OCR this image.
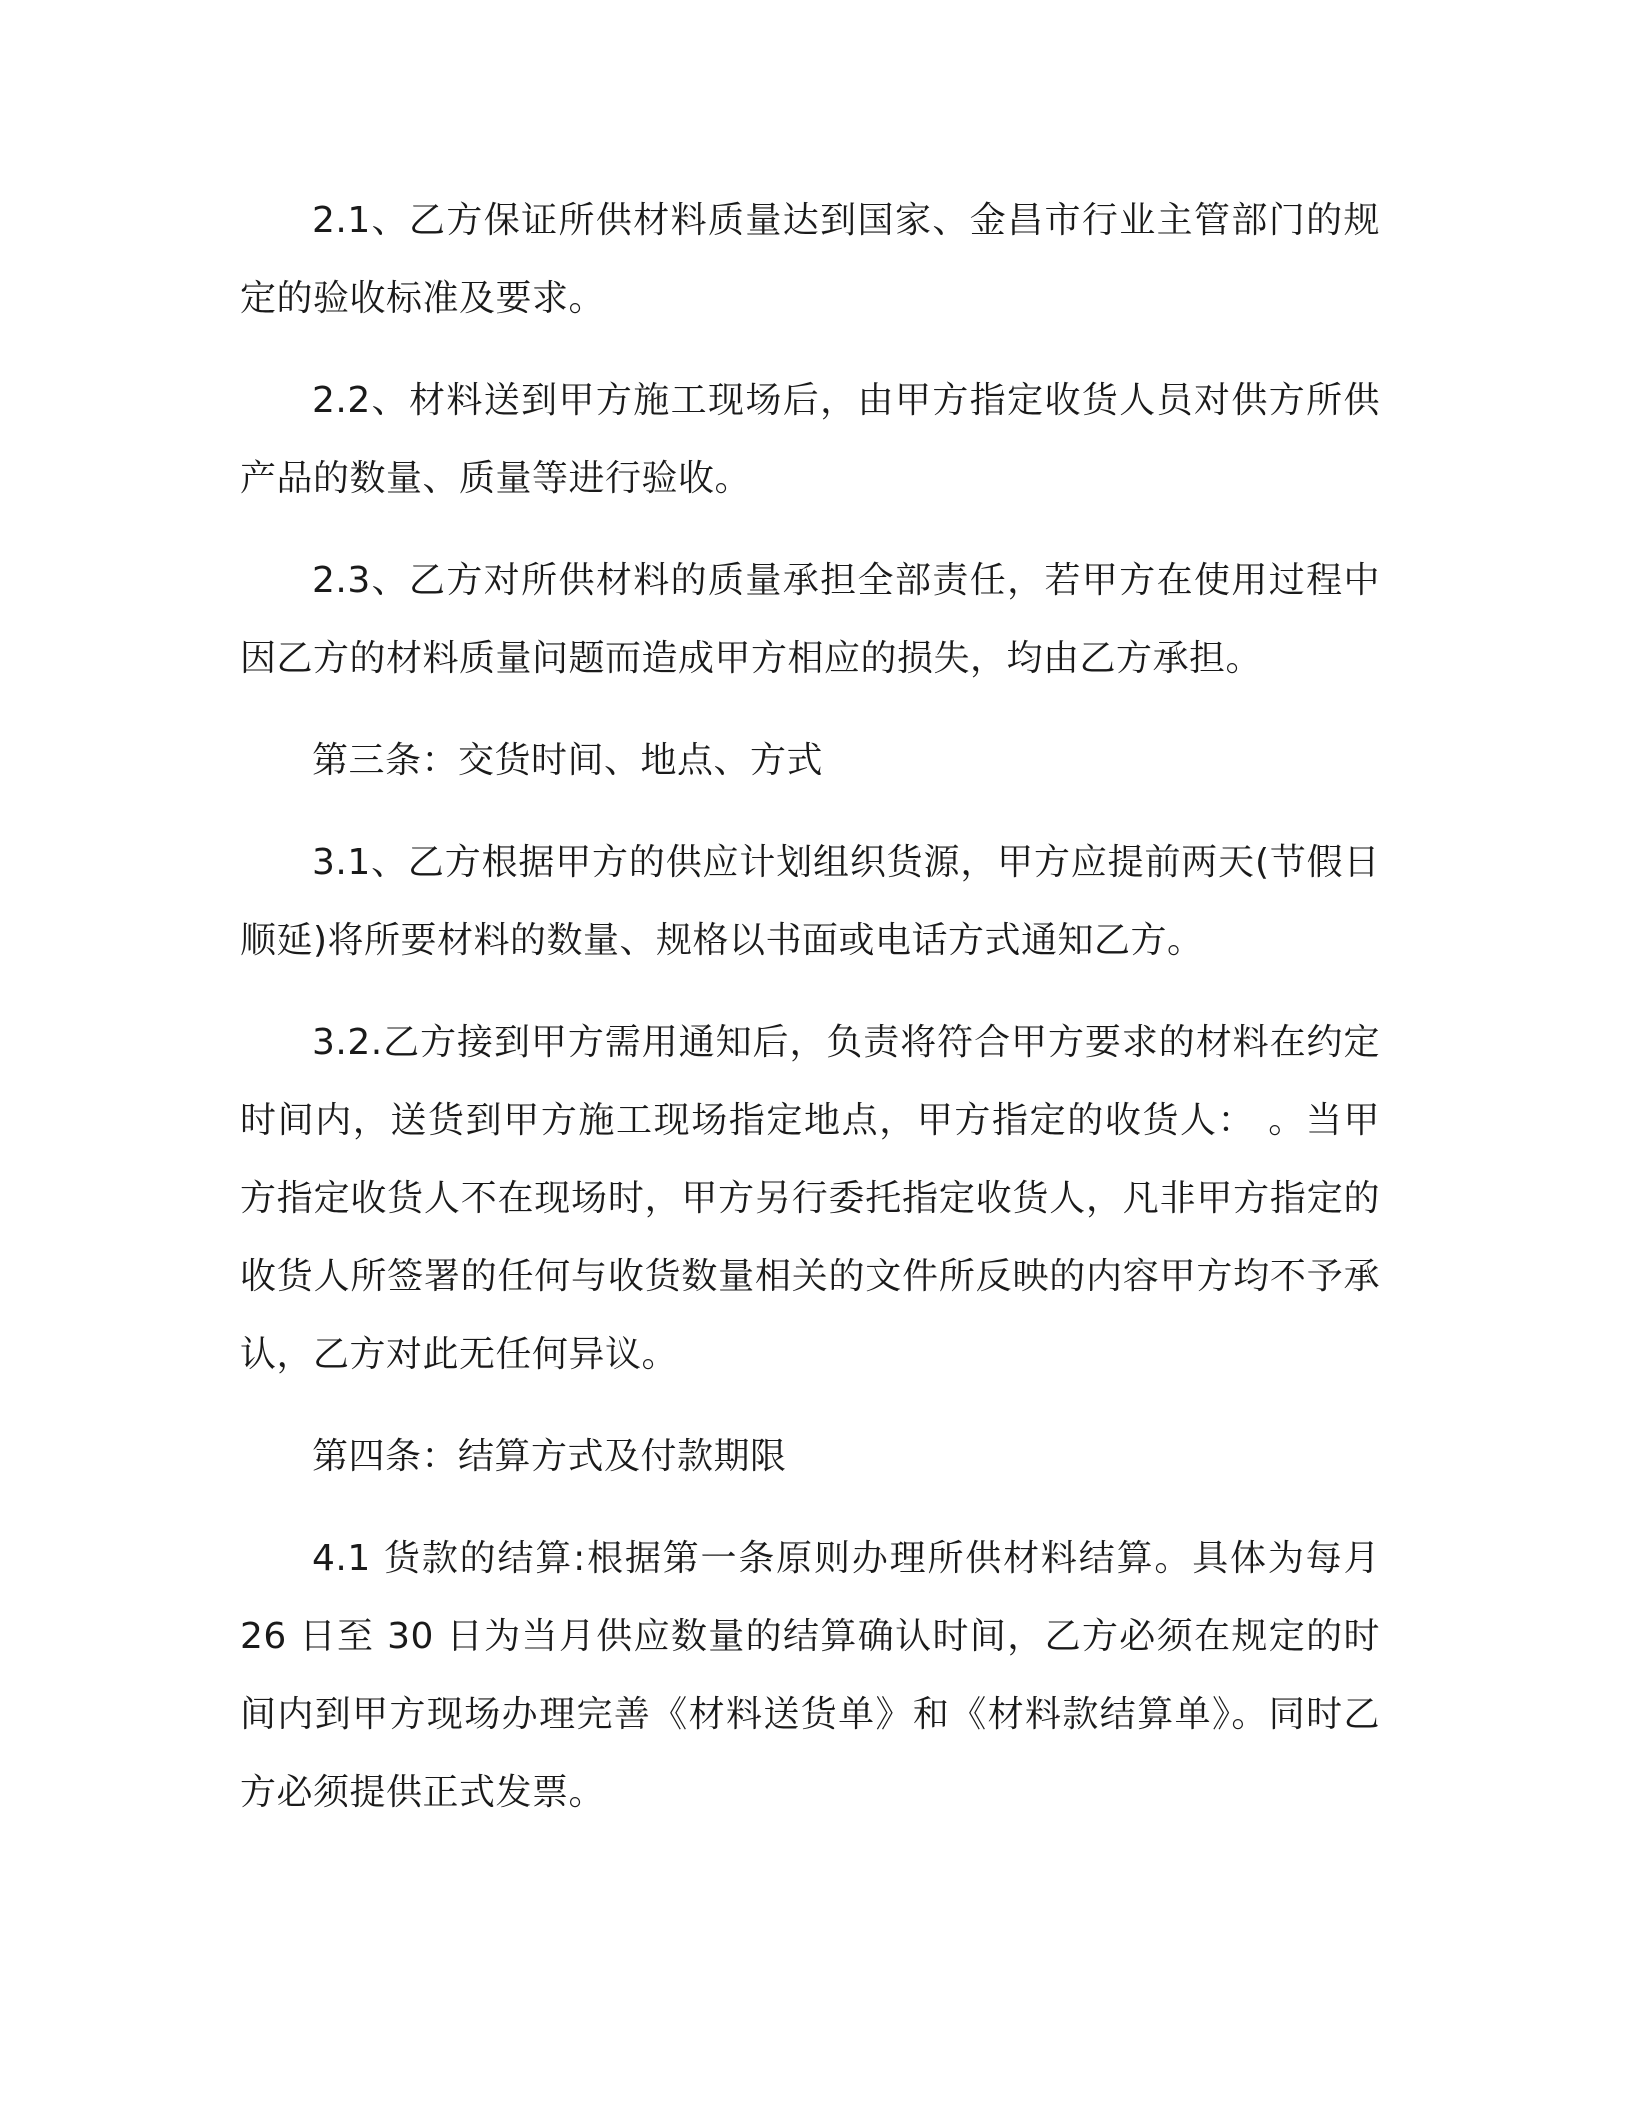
2.1、乙方保证所供材料质量达到国家、金昌市行业主管部门的规定的验收标准及要求。

2.2、材料送到甲方施工现场后，由甲方指定收货人员对供方所供产品的数量、质量等进行验收。

2.3、乙方对所供材料的质量承担全部责任，若甲方在使用过程中因乙方的材料质量问题而造成甲方相应的损失，均由乙方承担。

第三条：交货时间、地点、方式

3.1、乙方根据甲方的供应计划组织货源，甲方应提前两天(节假日顺延)将所要材料的数量、规格以书面或电话方式通知乙方。

3.2.乙方接到甲方需用通知后，负责将符合甲方要求的材料在约定时间内，送货到甲方施工现场指定地点，甲方指定的收货人： 。当甲方指定收货人不在现场时，甲方另行委托指定收货人，凡非甲方指定的收货人所签署的任何与收货数量相关的文件所反映的内容甲方均不予承认，乙方对此无任何异议。

第四条：结算方式及付款期限

4.1 货款的结算:根据第一条原则办理所供材料结算。具体为每月26 日至 30 日为当月供应数量的结算确认时间，乙方必须在规定的时间内到甲方现场办理完善《材料送货单》和《材料款结算单》。同时乙方必须提供正式发票。
